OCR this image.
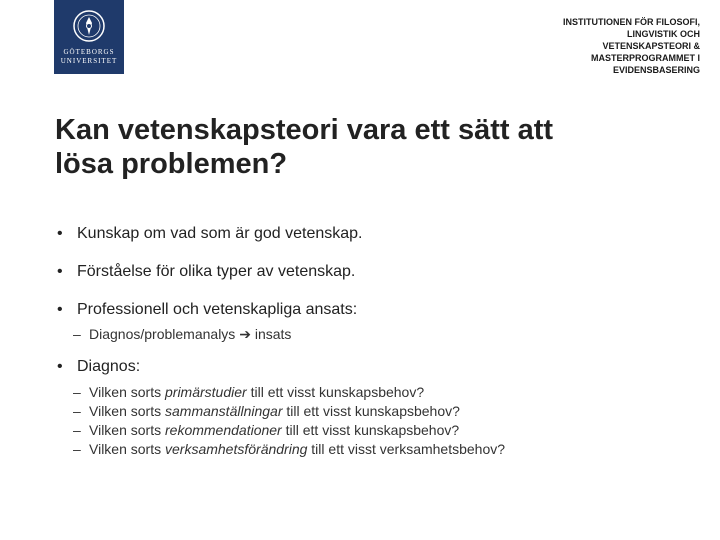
GÖTEBORGS
UNIVERSITET
INSTITUTIONEN FÖR FILOSOFI,
LINGVISTIK OCH
VETENSKAPSTEORI &
MASTERPROGRAMMET I
EVIDENSBASERING
Kan vetenskapsteori vara ett sätt att
lösa problemen?
• Kunskap om vad som är god vetenskap.
• Förståelse för olika typer av vetenskap.
• Professionell och vetenskapliga ansats:
– Diagnos/problemanalys ➔ insats
• Diagnos:
– Vilken sorts primärstudier till ett visst kunskapsbehov?
– Vilken sorts sammanställningar till ett visst kunskapsbehov?
– Vilken sorts rekommendationer till ett visst kunskapsbehov?
– Vilken sorts verksamhetsförändring till ett visst verksamhetsbehov?
